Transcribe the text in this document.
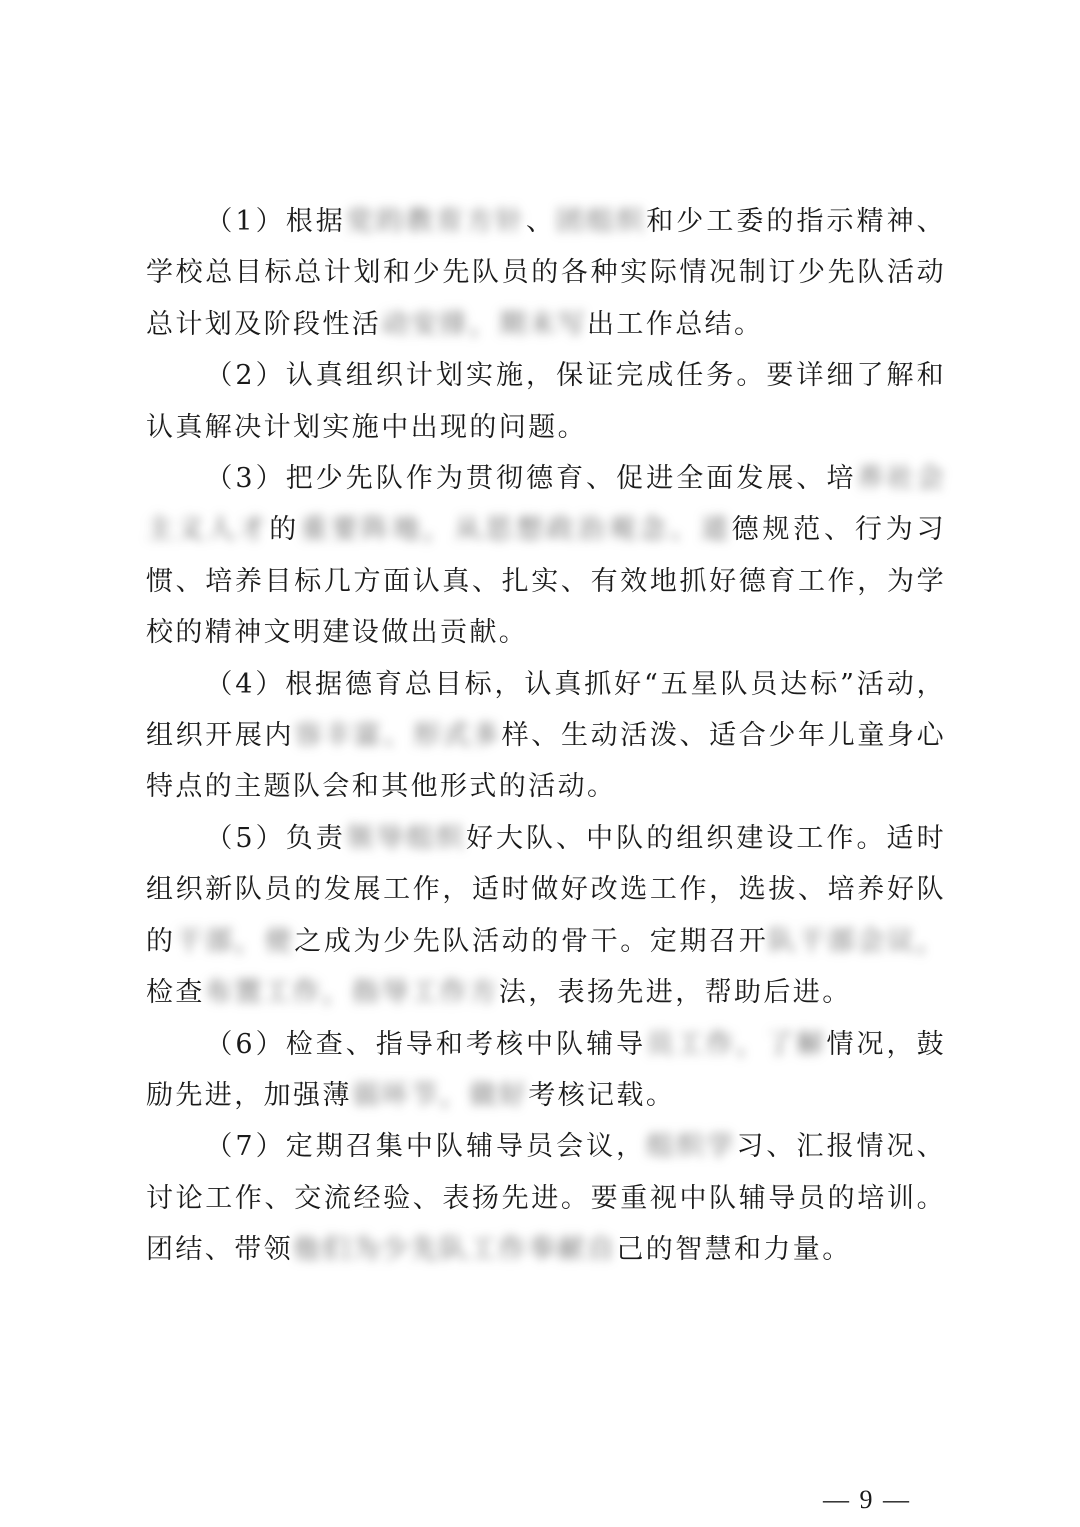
（1）根据党的教育方针、团组织和少工委的指示精神、学校总目标总计划和少先队员的各种实际情况制订少先队活动总计划及阶段性活动安排，期末写出工作总结。

（2）认真组织计划实施，保证完成任务。要详细了解和认真解决计划实施中出现的问题。

（3）把少先队作为贯彻德育、促进全面发展、培养社会主义人才的重要阵地，从思想政治观念、道德规范、行为习惯、培养目标几方面认真、扎实、有效地抓好德育工作，为学校的精神文明建设做出贡献。

（4）根据德育总目标，认真抓好“五星队员达标”活动，组织开展内容丰富、形式多样、生动活泼、适合少年儿童身心特点的主题队会和其他形式的活动。

（5）负责领导组织好大队、中队的组织建设工作。适时组织新队员的发展工作，适时做好改选工作，选拔、培养好队的干部，使之成为少先队活动的骨干。定期召开队干部会议，检查布置工作，指导工作方法，表扬先进，帮助后进。

（6）检查、指导和考核中队辅导员工作，了解情况，鼓励先进，加强薄弱环节，做好考核记载。

（7）定期召集中队辅导员会议，组织学习、汇报情况、讨论工作、交流经验、表扬先进。要重视中队辅导员的培训。团结、带领他们为少先队工作奉献自己的智慧和力量。

— 9 —
